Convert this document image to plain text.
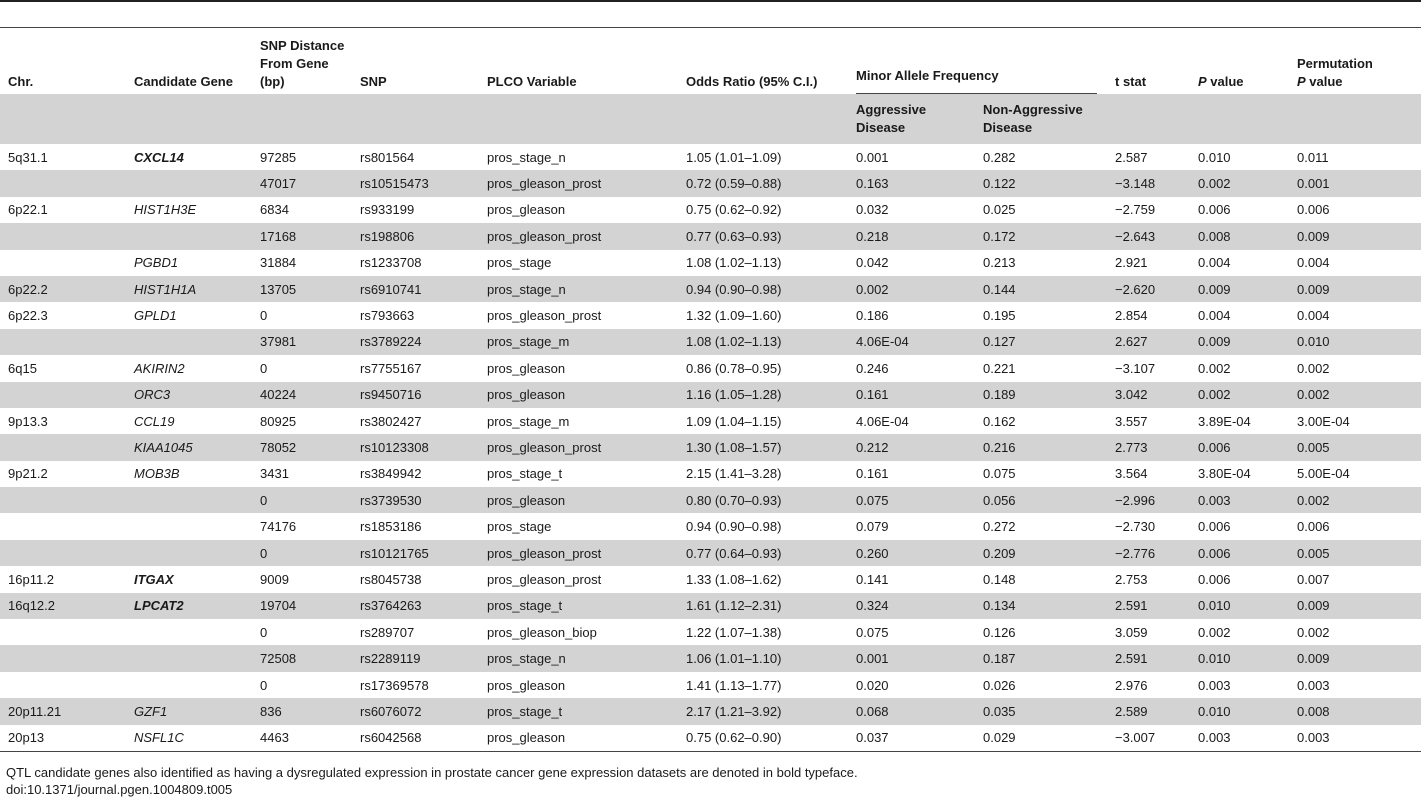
Chr.	Candidate Gene	SNP Distance From Gene (bp)	SNP	PLCO Variable	Odds Ratio (95% C.I.)	Minor Allele Frequency		t stat	P value	Permutation
P value
						Aggressive Disease	Non-Aggressive Disease			
5q31.1	CXCL14	97285	rs801564	pros_stage_n	1.05 (1.01–1.09)	0.001	0.282	2.587	0.010	0.011
		47017	rs10515473	pros_gleason_prost	0.72 (0.59–0.88)	0.163	0.122	−3.148	0.002	0.001
6p22.1	HIST1H3E	6834	rs933199	pros_gleason	0.75 (0.62–0.92)	0.032	0.025	−2.759	0.006	0.006
		17168	rs198806	pros_gleason_prost	0.77 (0.63–0.93)	0.218	0.172	−2.643	0.008	0.009
	PGBD1	31884	rs1233708	pros_stage	1.08 (1.02–1.13)	0.042	0.213	2.921	0.004	0.004
6p22.2	HIST1H1A	13705	rs6910741	pros_stage_n	0.94 (0.90–0.98)	0.002	0.144	−2.620	0.009	0.009
6p22.3	GPLD1	0	rs793663	pros_gleason_prost	1.32 (1.09–1.60)	0.186	0.195	2.854	0.004	0.004
		37981	rs3789224	pros_stage_m	1.08 (1.02–1.13)	4.06E-04	0.127	2.627	0.009	0.010
6q15	AKIRIN2	0	rs7755167	pros_gleason	0.86 (0.78–0.95)	0.246	0.221	−3.107	0.002	0.002
	ORC3	40224	rs9450716	pros_gleason	1.16 (1.05–1.28)	0.161	0.189	3.042	0.002	0.002
9p13.3	CCL19	80925	rs3802427	pros_stage_m	1.09 (1.04–1.15)	4.06E-04	0.162	3.557	3.89E-04	3.00E-04
	KIAA1045	78052	rs10123308	pros_gleason_prost	1.30 (1.08–1.57)	0.212	0.216	2.773	0.006	0.005
9p21.2	MOB3B	3431	rs3849942	pros_stage_t	2.15 (1.41–3.28)	0.161	0.075	3.564	3.80E-04	5.00E-04
		0	rs3739530	pros_gleason	0.80 (0.70–0.93)	0.075	0.056	−2.996	0.003	0.002
		74176	rs1853186	pros_stage	0.94 (0.90–0.98)	0.079	0.272	−2.730	0.006	0.006
		0	rs10121765	pros_gleason_prost	0.77 (0.64–0.93)	0.260	0.209	−2.776	0.006	0.005
16p11.2	ITGAX	9009	rs8045738	pros_gleason_prost	1.33 (1.08–1.62)	0.141	0.148	2.753	0.006	0.007
16q12.2	LPCAT2	19704	rs3764263	pros_stage_t	1.61 (1.12–2.31)	0.324	0.134	2.591	0.010	0.009
		0	rs289707	pros_gleason_biop	1.22 (1.07–1.38)	0.075	0.126	3.059	0.002	0.002
		72508	rs2289119	pros_stage_n	1.06 (1.01–1.10)	0.001	0.187	2.591	0.010	0.009
		0	rs17369578	pros_gleason	1.41 (1.13–1.77)	0.020	0.026	2.976	0.003	0.003
20p11.21	GZF1	836	rs6076072	pros_stage_t	2.17 (1.21–3.92)	0.068	0.035	2.589	0.010	0.008
20p13	NSFL1C	4463	rs6042568	pros_gleason	0.75 (0.62–0.90)	0.037	0.029	−3.007	0.003	0.003
QTL candidate genes also identified as having a dysregulated expression in prostate cancer gene expression datasets are denoted in bold typeface.
doi:10.1371/journal.pgen.1004809.t005
